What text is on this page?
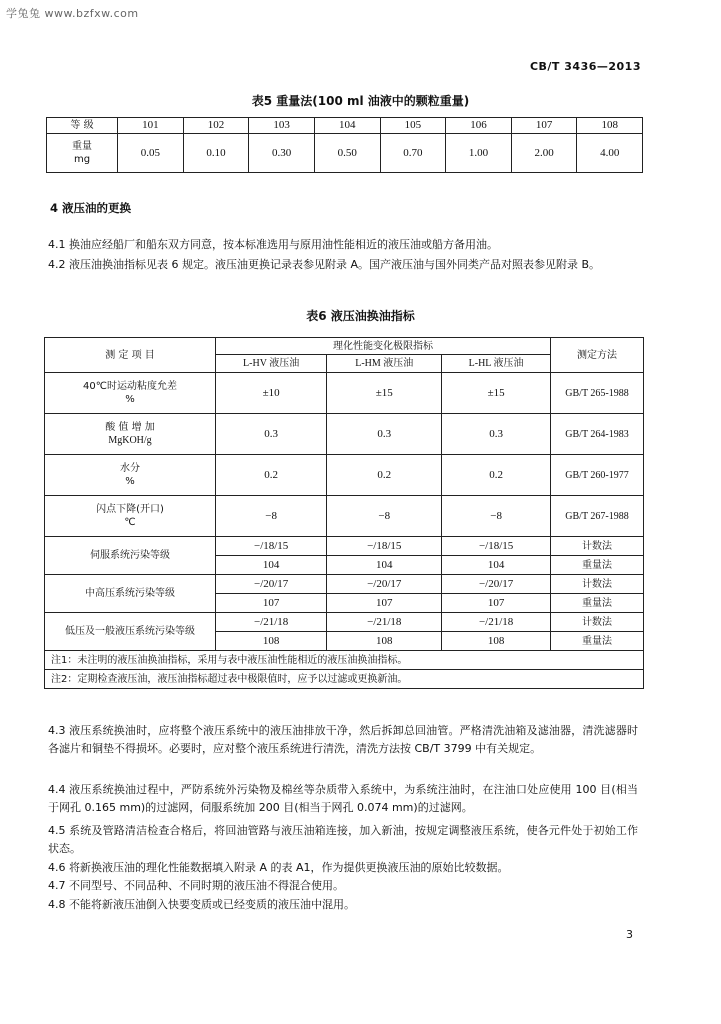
学兔兔 www.bzfxw.com
CB/T 3436—2013
表5 重量法(100 ml 油液中的颗粒重量)
等 级	101	102	103	104	105	106	107	108
重量
mg	0.05	0.10	0.30	0.50	0.70	1.00	2.00	4.00
4 液压油的更换
4.1 换油应经船厂和船东双方同意，按本标准选用与原用油性能相近的液压油或船方备用油。
4.2 液压油换油指标见表 6 规定。液压油更换记录表参见附录 A。国产液压油与国外同类产品对照表参见附录 B。
表6 液压油换油指标
测 定 项 目	理化性能变化极限指标			测定方法
	L-HV 液压油	L-HM 液压油	L-HL 液压油	
40℃时运动粘度允差
%	±10	±15	±15	GB/T 265-1988
酸 值 增 加
MgKOH/g	0.3	0.3	0.3	GB/T 264-1983
水分
%	0.2	0.2	0.2	GB/T 260-1977
闪点下降(开口)
℃	−8	−8	−8	GB/T 267-1988
伺服系统污染等级	−/18/15	−/18/15	−/18/15	计数法
	104	104	104	重量法
中高压系统污染等级	−/20/17	−/20/17	−/20/17	计数法
	107	107	107	重量法
低压及一般液压系统污染等级	−/21/18	−/21/18	−/21/18	计数法
	108	108	108	重量法
注1：未注明的液压油换油指标，采用与表中液压油性能相近的液压油换油指标。				
注2：定期检查液压油，液压油指标超过表中极限值时，应予以过滤或更换新油。				
4.3 液压系统换油时，应将整个液压系统中的液压油排放干净，然后拆卸总回油管。严格清洗油箱及滤油器，清洗滤器时各滤片和铜垫不得损坏。必要时，应对整个液压系统进行清洗，清洗方法按 CB/T 3799 中有关规定。
4.4 液压系统换油过程中，严防系统外污染物及棉丝等杂质带入系统中，为系统注油时，在注油口处应使用 100 目(相当于网孔 0.165 mm)的过滤网，伺服系统加 200 目(相当于网孔 0.074 mm)的过滤网。
4.5 系统及管路清洁检查合格后，将回油管路与液压油箱连接，加入新油，按规定调整液压系统，使各元件处于初始工作状态。
4.6 将新换液压油的理化性能数据填入附录 A 的表 A1，作为提供更换液压油的原始比较数据。
4.7 不同型号、不同品种、不同时期的液压油不得混合使用。
4.8 不能将新液压油倒入快要变质或已经变质的液压油中混用。
3
